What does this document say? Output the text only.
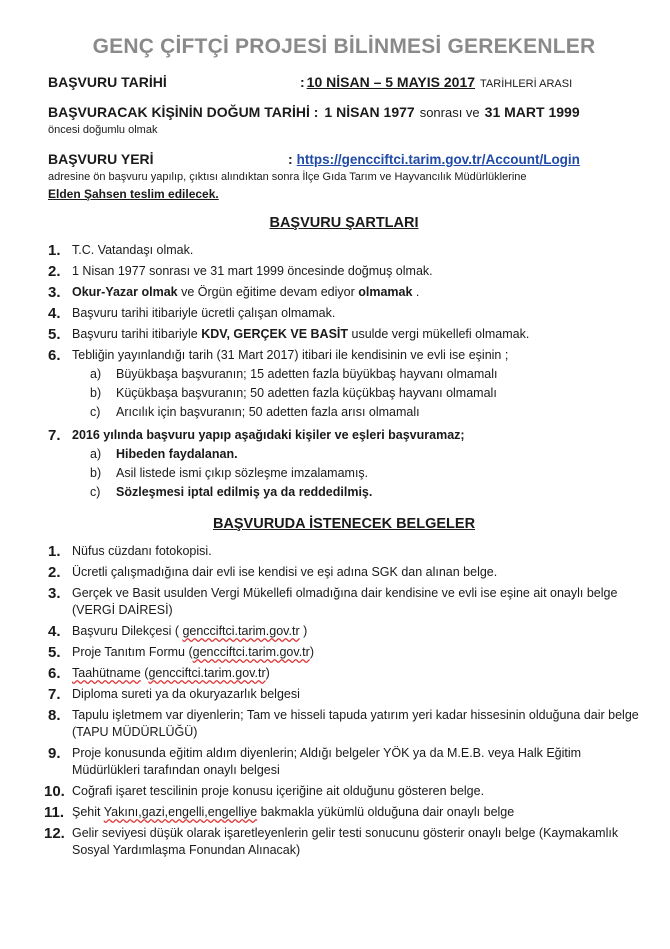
GENÇ ÇİFTÇİ PROJESİ BİLİNMESİ GEREKENLER
BAŞVURU TARİHİ	: 10 NİSAN – 5 MAYIS 2017 TARİHLERİ ARASI
BAŞVURACAK KİŞİNİN DOĞUM TARİHİ : 1 NİSAN 1977 sonrası ve 31 MART 1999
öncesi doğumlu olmak
BAŞVURU YERİ	: https://gencciftci.tarim.gov.tr/Account/Login
adresine ön başvuru yapılıp, çıktısı alındıktan sonra İlçe Gıda Tarım ve Hayvancılık Müdürlüklerine
Elden Şahsen teslim edilecek.
BAŞVURU ŞARTLARI
1. T.C. Vatandaşı olmak.
2. 1 Nisan 1977 sonrası ve 31 mart 1999 öncesinde doğmuş olmak.
3. Okur-Yazar olmak ve Örgün eğitime devam ediyor olmamak .
4. Başvuru tarihi itibariyle ücretli çalışan olmamak.
5. Başvuru tarihi itibariyle KDV, GERÇEK VE BASİT usulde vergi mükellefi olmamak.
6. Tebliğin yayınlandığı tarih (31 Mart 2017) itibari ile kendisinin ve evli ise eşinin ;
a)	Büyükbaşa başvuranın; 15 adetten fazla büyükbaş hayvanı olmamalı
b)	Küçükbaşa başvuranın; 50 adetten fazla küçükbaş hayvanı olmamalı
c)	Arıcılık için başvuranın; 50 adetten fazla arısı olmamalı
7. 2016 yılında başvuru yapıp aşağıdaki kişiler ve eşleri başvuramaz;
a)	Hibeden faydalanan.
b)	Asil listede ismi çıkıp sözleşme imzalamamış.
c)	Sözleşmesi iptal edilmiş ya da reddedilmiş.
BAŞVURUDA İSTENECEK BELGELER
1. Nüfus cüzdanı fotokopisi.
2. Ücretli çalışmadığına dair evli ise kendisi ve eşi adına SGK dan alınan belge.
3. Gerçek ve Basit usulden Vergi Mükellefi olmadığına dair kendisine ve evli ise eşine ait onaylı belge (VERGİ DAİRESİ)
4. Başvuru Dilekçesi ( gencciftci.tarim.gov.tr )
5. Proje Tanıtım Formu (gencciftci.tarim.gov.tr)
6. Taahütname (gencciftci.tarim.gov.tr)
7. Diploma sureti ya da okuryazarlık belgesi
8. Tapulu işletmem var diyenlerin; Tam ve hisseli tapuda yatırım yeri kadar hissesinin olduğuna dair belge (TAPU MÜDÜRLÜĞÜ)
9. Proje konusunda eğitim aldım diyenlerin; Aldığı belgeler YÖK ya da M.E.B. veya Halk Eğitim Müdürlükleri tarafından onaylı belgesi
10. Coğrafi işaret tescilinin proje konusu içeriğine ait olduğunu gösteren belge.
11. Şehit Yakını,gazi,engelli,engelliye bakmakla yükümlü olduğuna dair onaylı belge
12. Gelir seviyesi düşük olarak işaretleyenlerin gelir testi sonucunu gösterir onaylı belge (Kaymakamlık Sosyal Yardımlaşma Fonundan Alınacak)
